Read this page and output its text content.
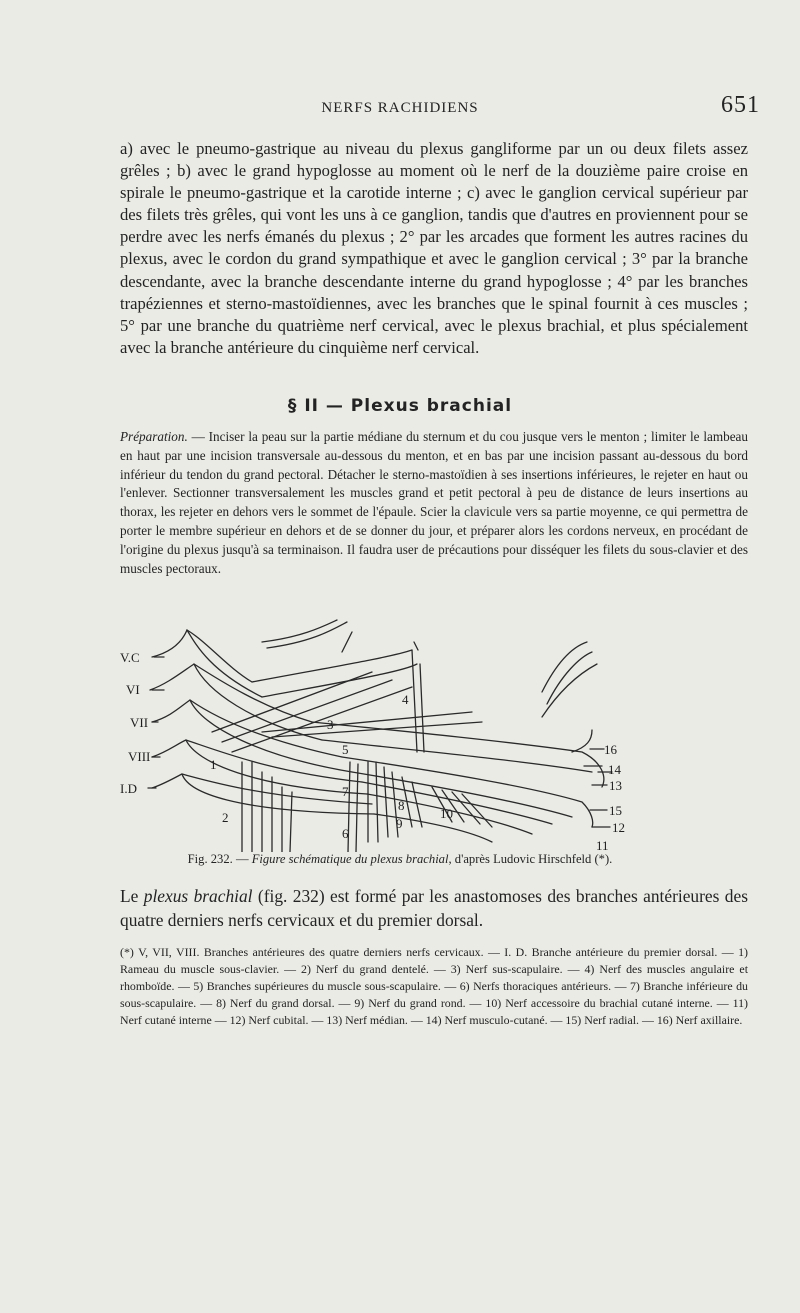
NERFS RACHIDIENS	651

a) avec le pneumo-gastrique au niveau du plexus gangliforme par un ou deux filets assez grêles ; b) avec le grand hypoglosse au moment où le nerf de la douzième paire croise en spirale le pneumo-gastrique et la carotide interne ; c) avec le ganglion cervical supérieur par des filets très grêles, qui vont les uns à ce ganglion, tandis que d'autres en proviennent pour se perdre avec les nerfs émanés du plexus ; 2° par les arcades que forment les autres racines du plexus, avec le cordon du grand sympathique et avec le ganglion cervical ; 3° par la branche descendante, avec la branche descendante interne du grand hypoglosse ; 4° par les branches trapéziennes et sterno-mastoïdiennes, avec les branches que le spinal fournit à ces muscles ; 5° par une branche du quatrième nerf cervical, avec le plexus brachial, et plus spécialement avec la branche antérieure du cinquième nerf cervical.

§ II — Plexus brachial

Préparation. — Inciser la peau sur la partie médiane du sternum et du cou jusque vers le menton ; limiter le lambeau en haut par une incision transversale au-dessous du menton, et en bas par une incision passant au-dessous du bord inférieur du tendon du grand pectoral. Détacher le sterno-mastoïdien à ses insertions inférieures, le rejeter en haut ou l'enlever. Sectionner transversalement les muscles grand et petit pectoral à peu de distance de leurs insertions au thorax, les rejeter en dehors vers le sommet de l'épaule. Scier la clavicule vers sa partie moyenne, ce qui permettra de porter le membre supérieur en dehors et de se donner du jour, et préparer alors les cordons nerveux, en procédant de l'origine du plexus jusqu'à sa terminaison. Il faudra user de précautions pour disséquer les filets du sous-clavier et des muscles pectoraux.

V.C
VI
VII
VIII
I.D
1
2
3
4
5
6
7
8
9
10
16
14
13
15
12
11
Fig. 232. — Figure schématique du plexus brachial, d'après Ludovic Hirschfeld (*).

Le plexus brachial (fig. 232) est formé par les anastomoses des branches antérieures des quatre derniers nerfs cervicaux et du premier dorsal.

(*) V, VII, VIII. Branches antérieures des quatre derniers nerfs cervicaux. — I. D. Branche antérieure du premier dorsal. — 1) Rameau du muscle sous-clavier. — 2) Nerf du grand dentelé. — 3) Nerf sus-scapulaire. — 4) Nerf des muscles angulaire et rhomboïde. — 5) Branches supérieures du muscle sous-scapulaire. — 6) Nerfs thoraciques antérieurs. — 7) Branche inférieure du sous-scapulaire. — 8) Nerf du grand dorsal. — 9) Nerf du grand rond. — 10) Nerf accessoire du brachial cutané interne. — 11) Nerf cutané interne — 12) Nerf cubital. — 13) Nerf médian. — 14) Nerf musculo-cutané. — 15) Nerf radial. — 16) Nerf axillaire.
